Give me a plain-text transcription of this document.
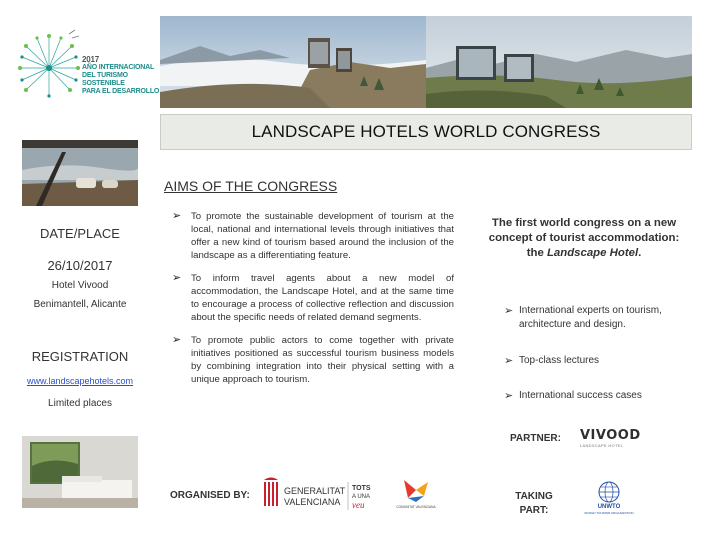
2017
AÑO INTERNACIONAL
DEL TURISMO SOSTENIBLE
PARA EL DESARROLLO
LANDSCAPE HOTELS WORLD CONGRESS
AIMS OF THE CONGRESS
DATE/PLACE
26/10/2017
Hotel Vivood
Benimantell, Alicante
REGISTRATION
www.landscapehotels.com
Limited places
➢ To promote the sustainable development of tourism at the local, national and international levels through initiatives that offer a new kind of tourism based around the inclusion of the landscape as a differentiating feature.
➢ To inform travel agents about a new model of accommodation, the Landscape Hotel, and at the same time to encourage a process of collective reflection and discussion about the specific needs of related demand segments.
➢ To promote public actors to come together with private initiatives positioned as successful tourism business models by combining integration into their physical setting with a unique approach to tourism.
The first world congress on a new concept of tourist accommodation: the Landscape Hotel.
➢ International experts on tourism, architecture and design.
➢ Top-class lectures
➢ International success cases
PARTNER: VIVOOD
LANDSCAPE HOTEL
ORGANISED BY:	GENERALITAT
VALENCIANA
TOTS
A UNA
veu	COMUNITAT VALENCIANA
TAKING PART:	UNWTO
WORLD TOURISM ORGANIZATION
